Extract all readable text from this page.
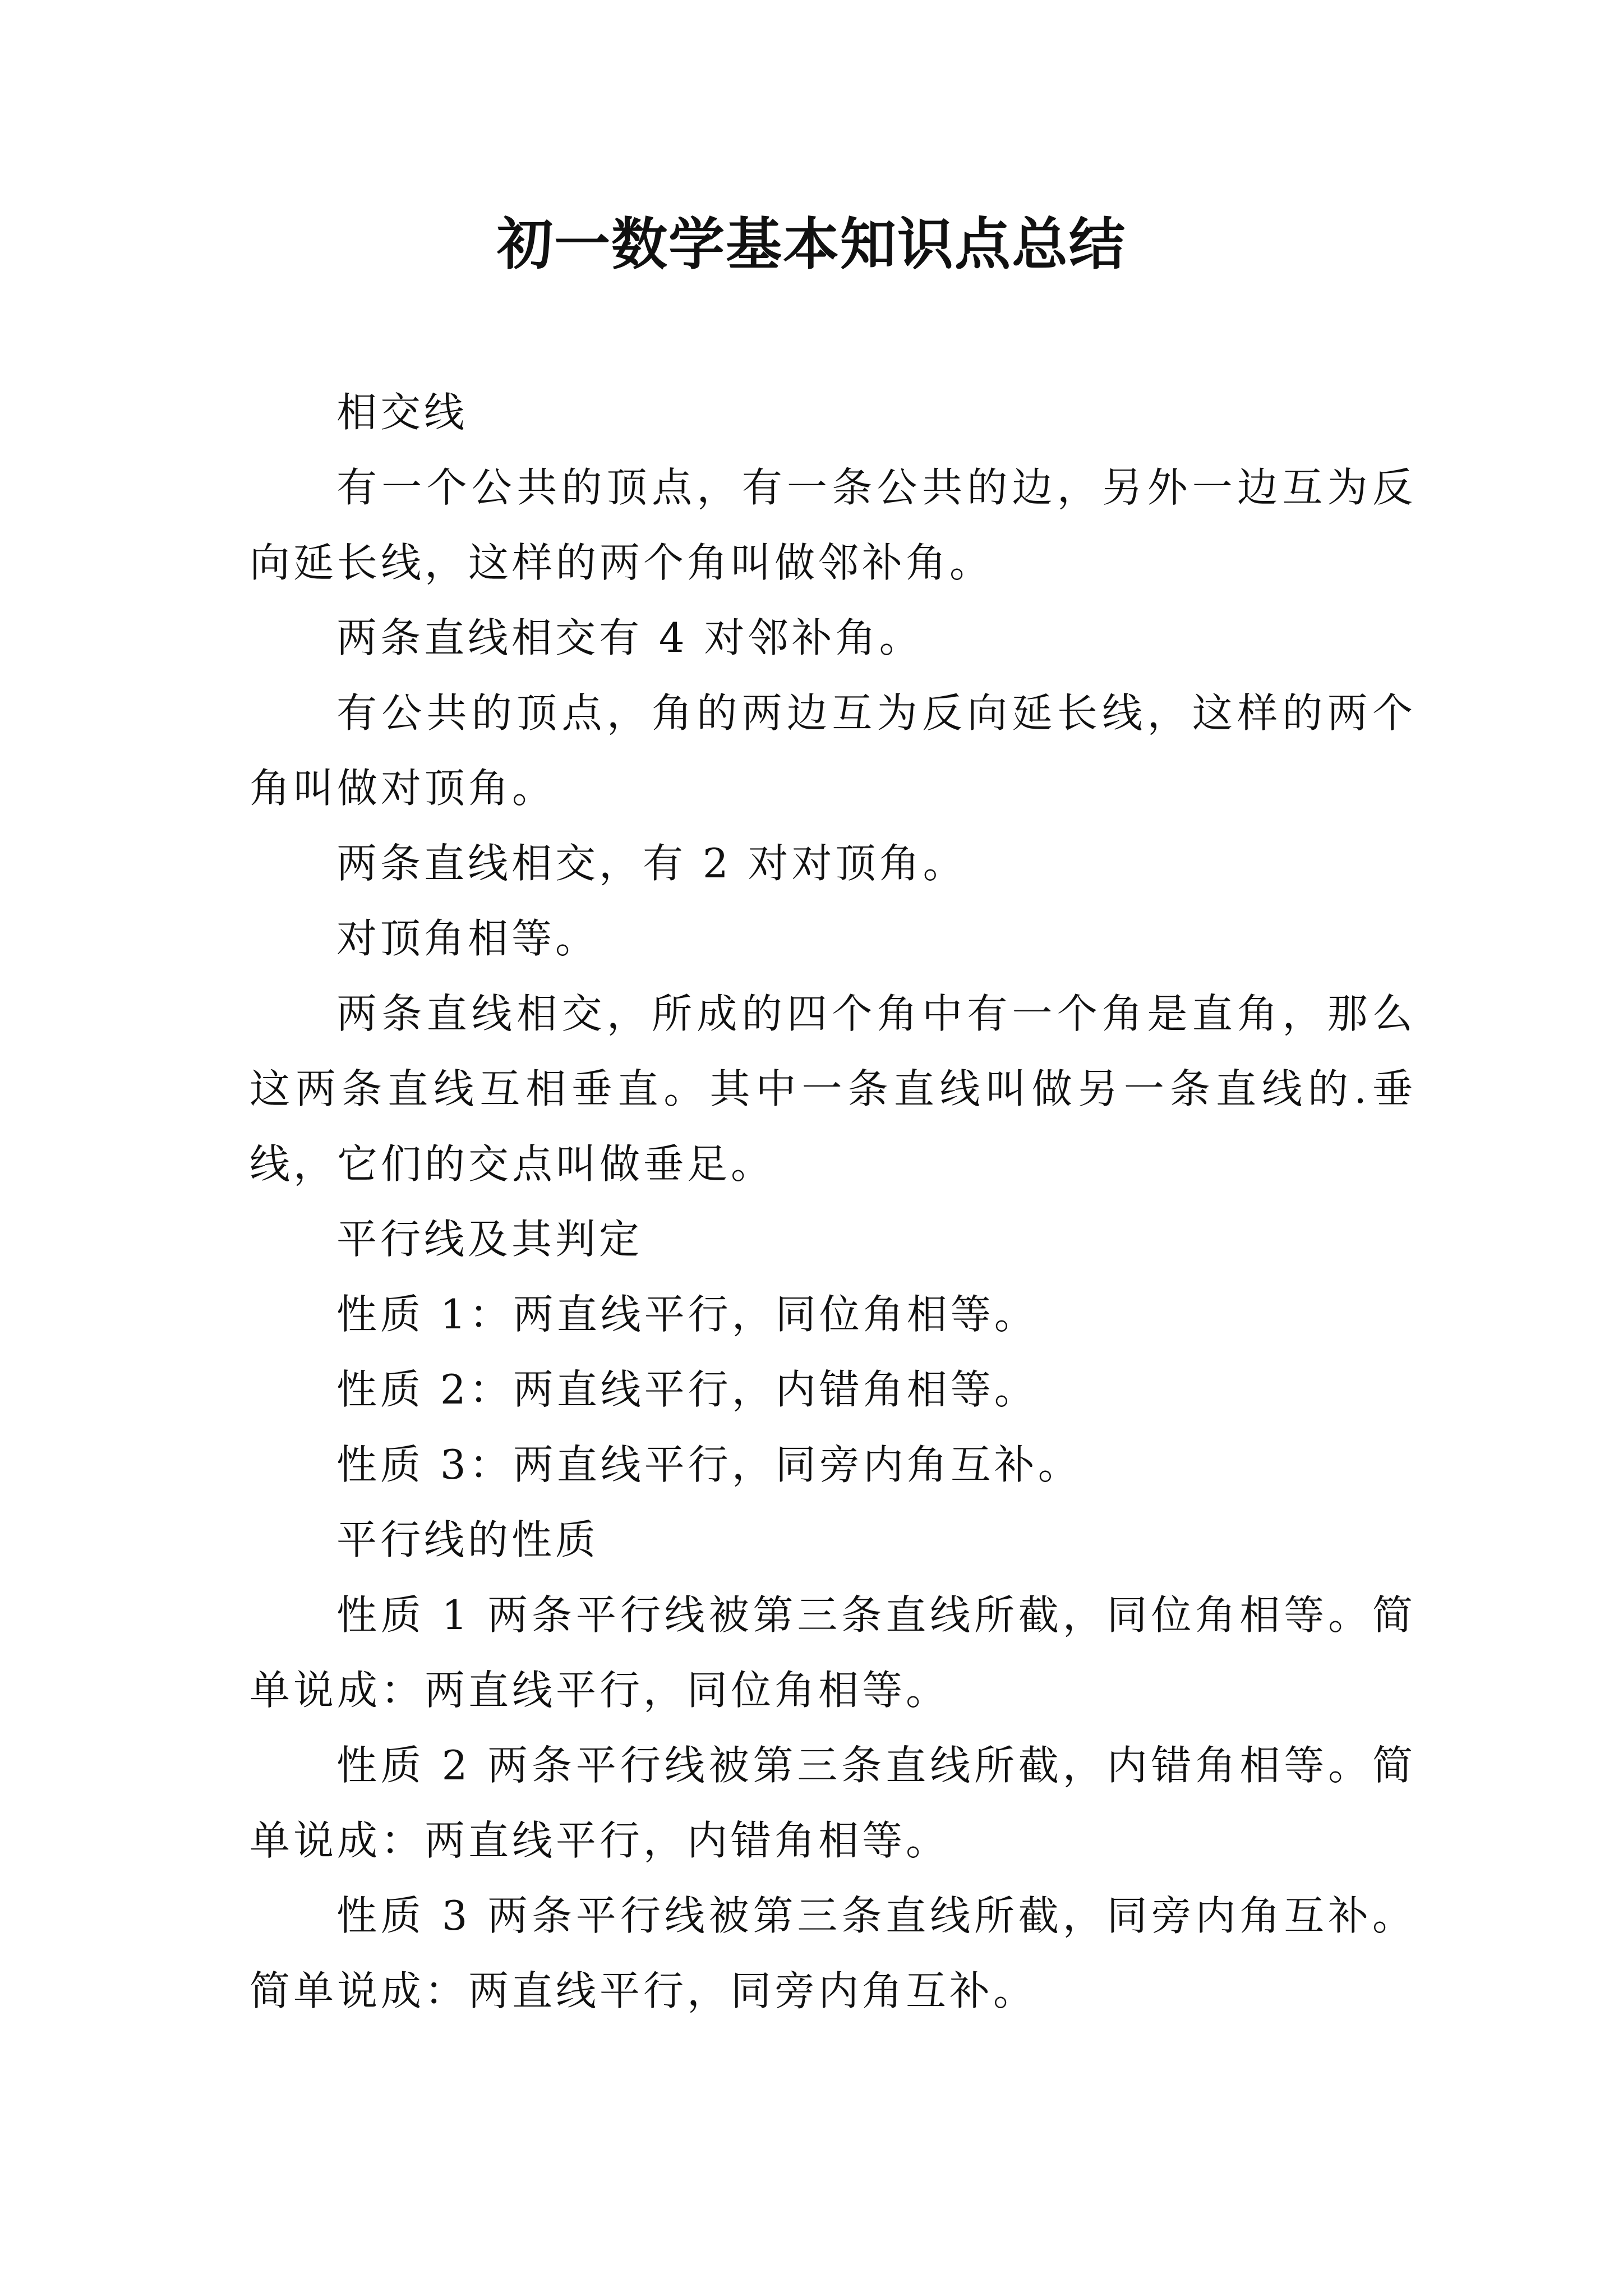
初一数学基本知识点总结

相交线

有一个公共的顶点，有一条公共的边，另外一边互为反向延长线，这样的两个角叫做邻补角。

两条直线相交有 4 对邻补角。

有公共的顶点，角的两边互为反向延长线，这样的两个角叫做对顶角。

两条直线相交，有 2 对对顶角。

对顶角相等。

两条直线相交，所成的四个角中有一个角是直角，那么这两条直线互相垂直。其中一条直线叫做另一条直线的.垂线，它们的交点叫做垂足。

平行线及其判定

性质 1：两直线平行，同位角相等。

性质 2：两直线平行，内错角相等。

性质 3：两直线平行，同旁内角互补。

平行线的性质

性质 1 两条平行线被第三条直线所截，同位角相等。简单说成：两直线平行，同位角相等。

性质 2 两条平行线被第三条直线所截，内错角相等。简单说成：两直线平行，内错角相等。

性质 3 两条平行线被第三条直线所截，同旁内角互补。简单说成：两直线平行，同旁内角互补。
